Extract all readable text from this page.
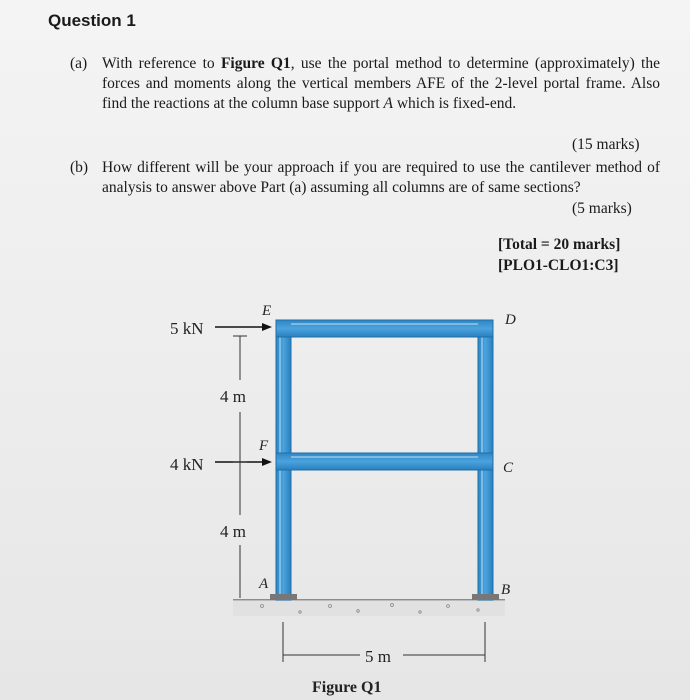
Question 1
(a) With reference to Figure Q1, use the portal method to determine (approximately) the forces and moments along the vertical members AFE of the 2-level portal frame. Also find the reactions at the column base support A which is fixed-end.
(15 marks)
(b) How different will be your approach if you are required to use the cantilever method of analysis to answer above Part (a) assuming all columns are of same sections?
(5 marks)
[Total = 20 marks]
[PLO1-CLO1:C3]
5 kN
4 kN
4 m
4 m
5 m
E
F
A
D
C
B
Figure Q1
